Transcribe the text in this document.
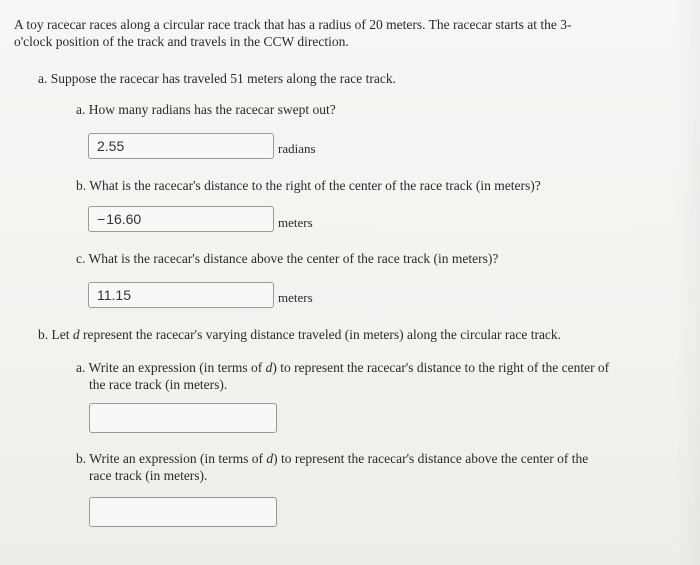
A toy racecar races along a circular race track that has a radius of 20 meters. The racecar starts at the 3-
o'clock position of the track and travels in the CCW direction.
a. Suppose the racecar has traveled 51 meters along the race track.
a. How many radians has the racecar swept out?
2.55	radians
b. What is the racecar's distance to the right of the center of the race track (in meters)?
−16.60	meters
c. What is the racecar's distance above the center of the race track (in meters)?
11.15	meters
b. Let d represent the racecar's varying distance traveled (in meters) along the circular race track.
a. Write an expression (in terms of d) to represent the racecar's distance to the right of the center of
the race track (in meters).
b. Write an expression (in terms of d) to represent the racecar's distance above the center of the
race track (in meters).
